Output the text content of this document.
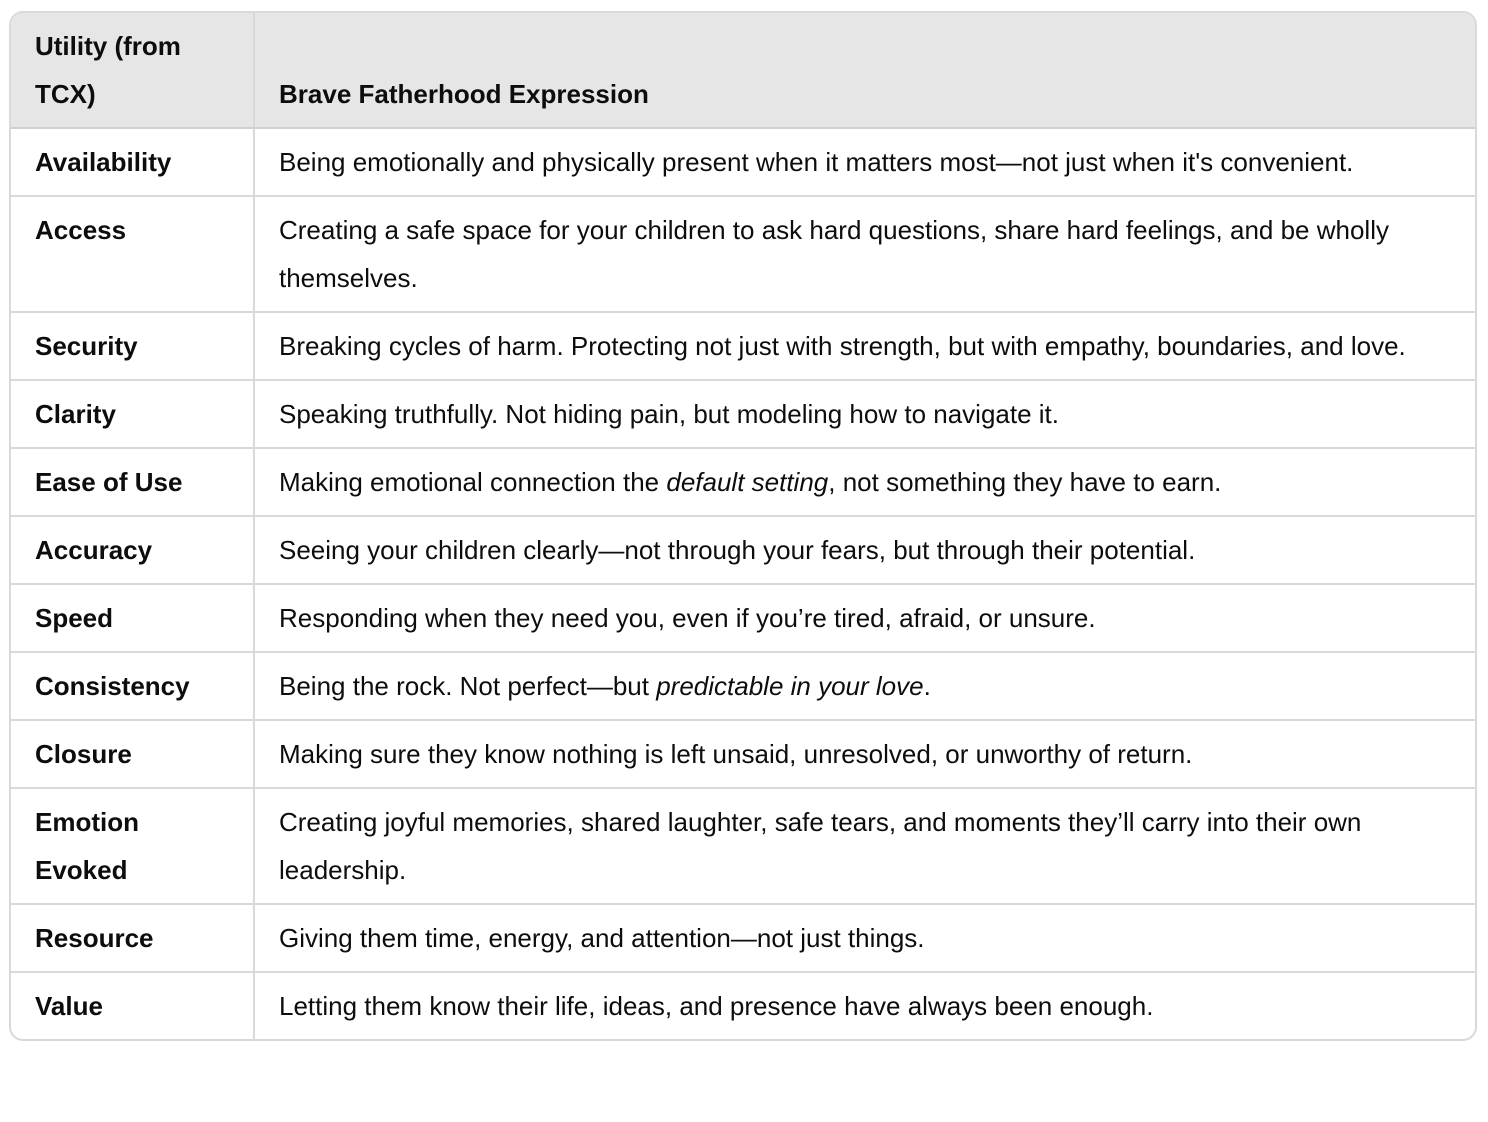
Utility (from TCX)	Brave Fatherhood Expression
Availability	Being emotionally and physically present when it matters most—not just when it's convenient.
Access	Creating a safe space for your children to ask hard questions, share hard feelings, and be wholly themselves.
Security	Breaking cycles of harm. Protecting not just with strength, but with empathy, boundaries, and love.
Clarity	Speaking truthfully. Not hiding pain, but modeling how to navigate it.
Ease of Use	Making emotional connection the default setting, not something they have to earn.
Accuracy	Seeing your children clearly—not through your fears, but through their potential.
Speed	Responding when they need you, even if you’re tired, afraid, or unsure.
Consistency	Being the rock. Not perfect—but predictable in your love.
Closure	Making sure they know nothing is left unsaid, unresolved, or unworthy of return.
Emotion Evoked	Creating joyful memories, shared laughter, safe tears, and moments they’ll carry into their own leadership.
Resource	Giving them time, energy, and attention—not just things.
Value	Letting them know their life, ideas, and presence have always been enough.
